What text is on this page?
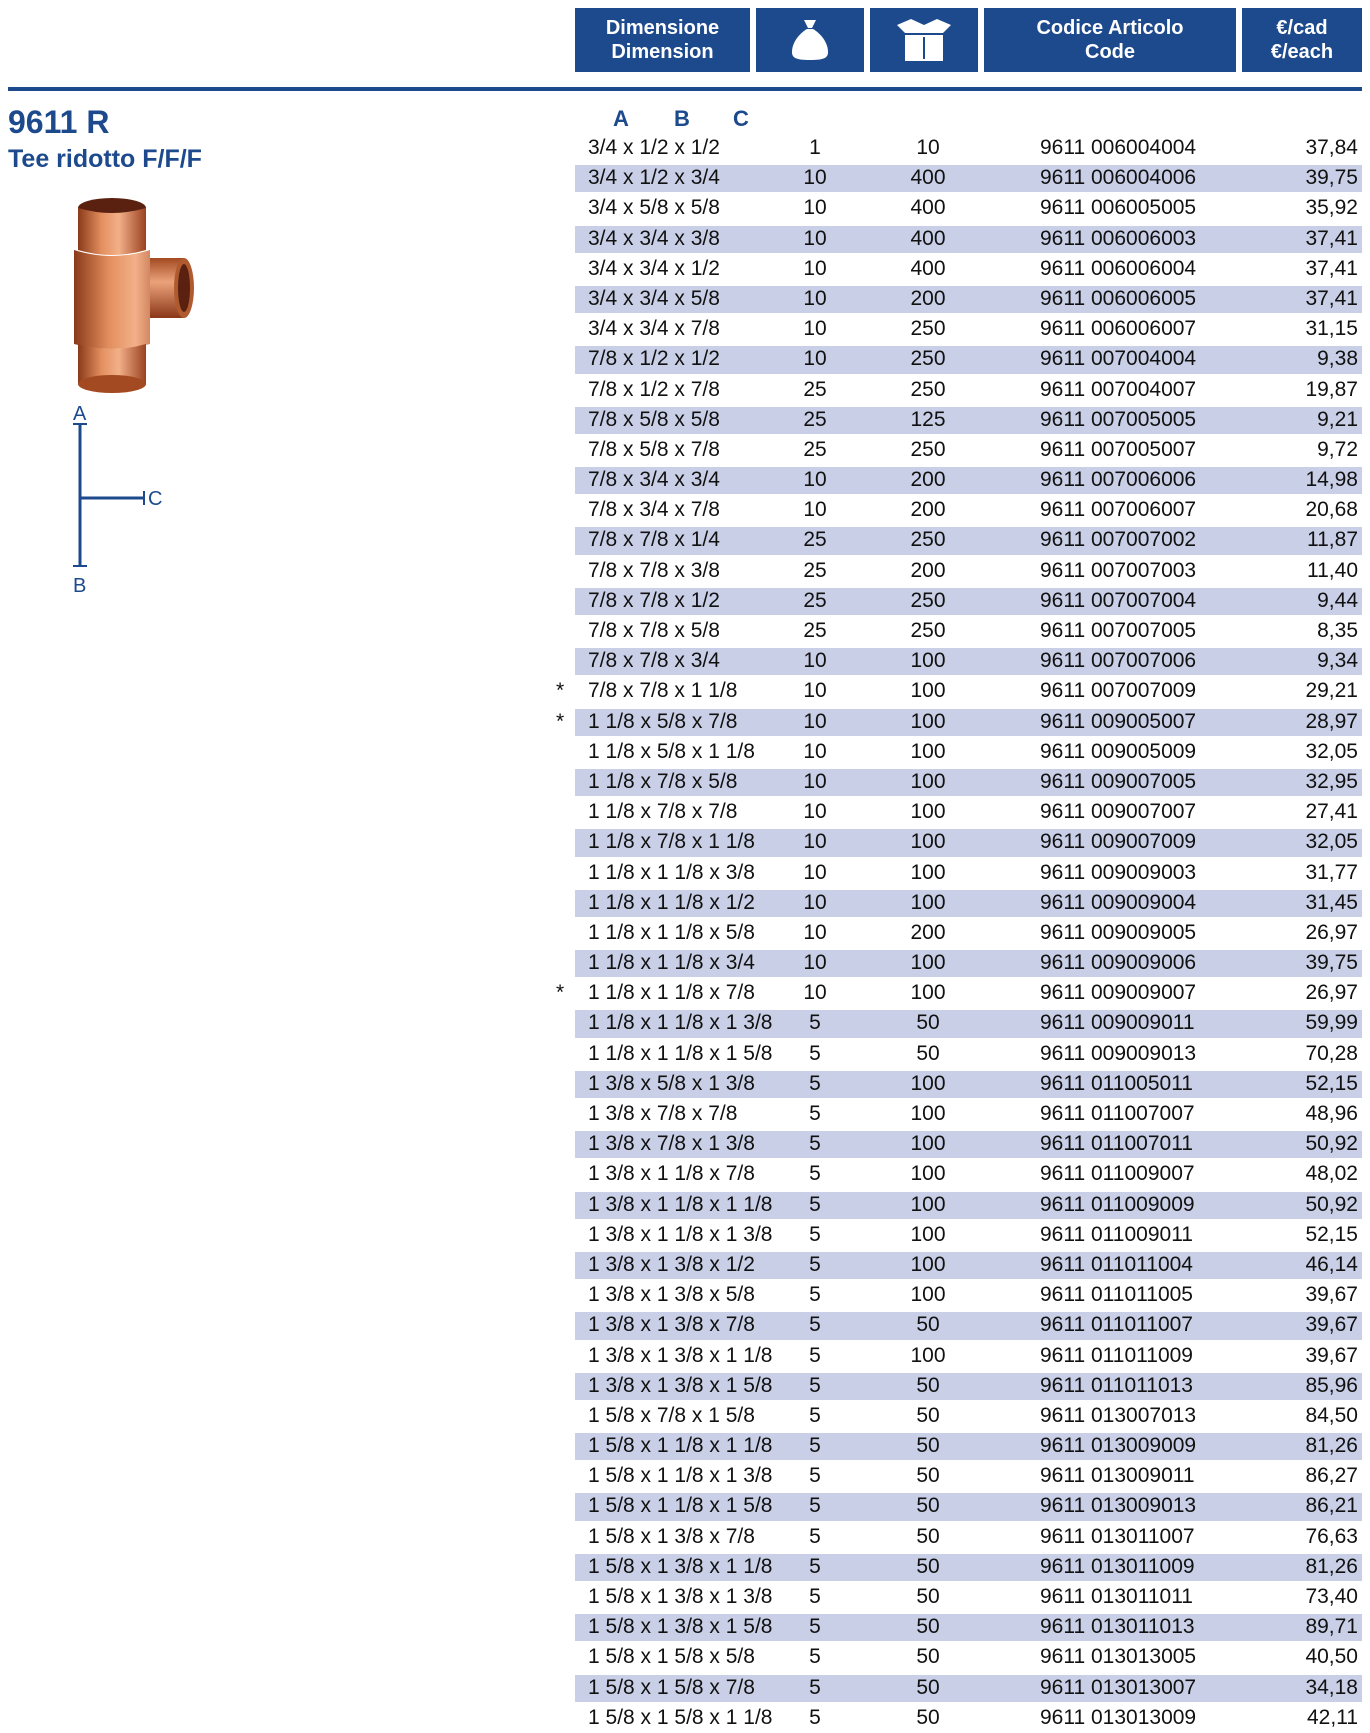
Dimensione
Dimension
Codice Articolo
Code
€/cad
€/each
9611 R
Tee ridotto F/F/F
A
B
C
A B C
3/4 x 1/2 x 1/2	1	10	9611 006004004	37,84
3/4 x 1/2 x 3/4	10	400	9611 006004006	39,75
3/4 x 5/8 x 5/8	10	400	9611 006005005	35,92
3/4 x 3/4 x 3/8	10	400	9611 006006003	37,41
3/4 x 3/4 x 1/2	10	400	9611 006006004	37,41
3/4 x 3/4 x 5/8	10	200	9611 006006005	37,41
3/4 x 3/4 x 7/8	10	250	9611 006006007	31,15
7/8 x 1/2 x 1/2	10	250	9611 007004004	9,38
7/8 x 1/2 x 7/8	25	250	9611 007004007	19,87
7/8 x 5/8 x 5/8	25	125	9611 007005005	9,21
7/8 x 5/8 x 7/8	25	250	9611 007005007	9,72
7/8 x 3/4 x 3/4	10	200	9611 007006006	14,98
7/8 x 3/4 x 7/8	10	200	9611 007006007	20,68
7/8 x 7/8 x 1/4	25	250	9611 007007002	11,87
7/8 x 7/8 x 3/8	25	200	9611 007007003	11,40
7/8 x 7/8 x 1/2	25	250	9611 007007004	9,44
7/8 x 7/8 x 5/8	25	250	9611 007007005	8,35
7/8 x 7/8 x 3/4	10	100	9611 007007006	9,34
* 7/8 x 7/8 x 1 1/8	10	100	9611 007007009	29,21
* 1 1/8 x 5/8 x 7/8	10	100	9611 009005007	28,97
1 1/8 x 5/8 x 1 1/8	10	100	9611 009005009	32,05
1 1/8 x 7/8 x 5/8	10	100	9611 009007005	32,95
1 1/8 x 7/8 x 7/8	10	100	9611 009007007	27,41
1 1/8 x 7/8 x 1 1/8	10	100	9611 009007009	32,05
1 1/8 x 1 1/8 x 3/8	10	100	9611 009009003	31,77
1 1/8 x 1 1/8 x 1/2	10	100	9611 009009004	31,45
1 1/8 x 1 1/8 x 5/8	10	200	9611 009009005	26,97
1 1/8 x 1 1/8 x 3/4	10	100	9611 009009006	39,75
* 1 1/8 x 1 1/8 x 7/8	10	100	9611 009009007	26,97
1 1/8 x 1 1/8 x 1 3/8	5	50	9611 009009011	59,99
1 1/8 x 1 1/8 x 1 5/8	5	50	9611 009009013	70,28
1 3/8 x 5/8 x 1 3/8	5	100	9611 011005011	52,15
1 3/8 x 7/8 x 7/8	5	100	9611 011007007	48,96
1 3/8 x 7/8 x 1 3/8	5	100	9611 011007011	50,92
1 3/8 x 1 1/8 x 7/8	5	100	9611 011009007	48,02
1 3/8 x 1 1/8 x 1 1/8	5	100	9611 011009009	50,92
1 3/8 x 1 1/8 x 1 3/8	5	100	9611 011009011	52,15
1 3/8 x 1 3/8 x 1/2	5	100	9611 011011004	46,14
1 3/8 x 1 3/8 x 5/8	5	100	9611 011011005	39,67
1 3/8 x 1 3/8 x 7/8	5	50	9611 011011007	39,67
1 3/8 x 1 3/8 x 1 1/8	5	100	9611 011011009	39,67
1 3/8 x 1 3/8 x 1 5/8	5	50	9611 011011013	85,96
1 5/8 x 7/8 x 1 5/8	5	50	9611 013007013	84,50
1 5/8 x 1 1/8 x 1 1/8	5	50	9611 013009009	81,26
1 5/8 x 1 1/8 x 1 3/8	5	50	9611 013009011	86,27
1 5/8 x 1 1/8 x 1 5/8	5	50	9611 013009013	86,21
1 5/8 x 1 3/8 x 7/8	5	50	9611 013011007	76,63
1 5/8 x 1 3/8 x 1 1/8	5	50	9611 013011009	81,26
1 5/8 x 1 3/8 x 1 3/8	5	50	9611 013011011	73,40
1 5/8 x 1 3/8 x 1 5/8	5	50	9611 013011013	89,71
1 5/8 x 1 5/8 x 5/8	5	50	9611 013013005	40,50
1 5/8 x 1 5/8 x 7/8	5	50	9611 013013007	34,18
1 5/8 x 1 5/8 x 1 1/8	5	50	9611 013013009	42,11
